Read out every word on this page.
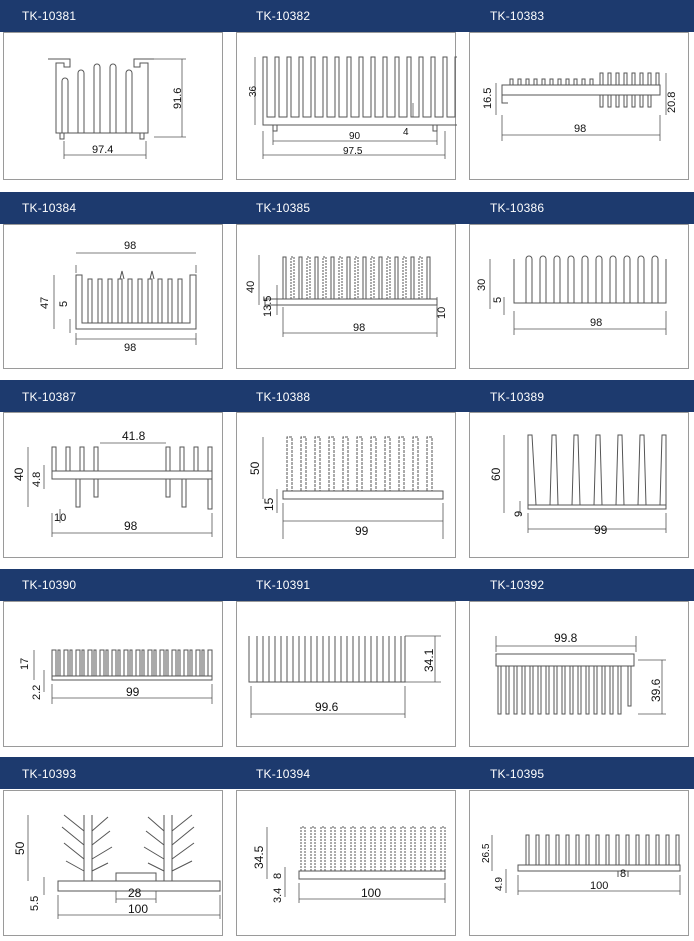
TK-10381	TK-10382	TK-10383
TK-10384	TK-10385	TK-10386
TK-10387	TK-10388	TK-10389
TK-10390	TK-10391	TK-10392
TK-10393	TK-10394	TK-10395
97.4
91.6	36
4
90
97.5
16.5	20.8
98
98
47 5
98
40
13.5	10
98
30
5
98
41.8
40 4.8
10
98
50
15
99
60
9
99
17
2.2	99
34.1
99.6
99.8
39.6
50
28
5.5	100
34.5
8
3.4	100
26.5
8
4.9	100
